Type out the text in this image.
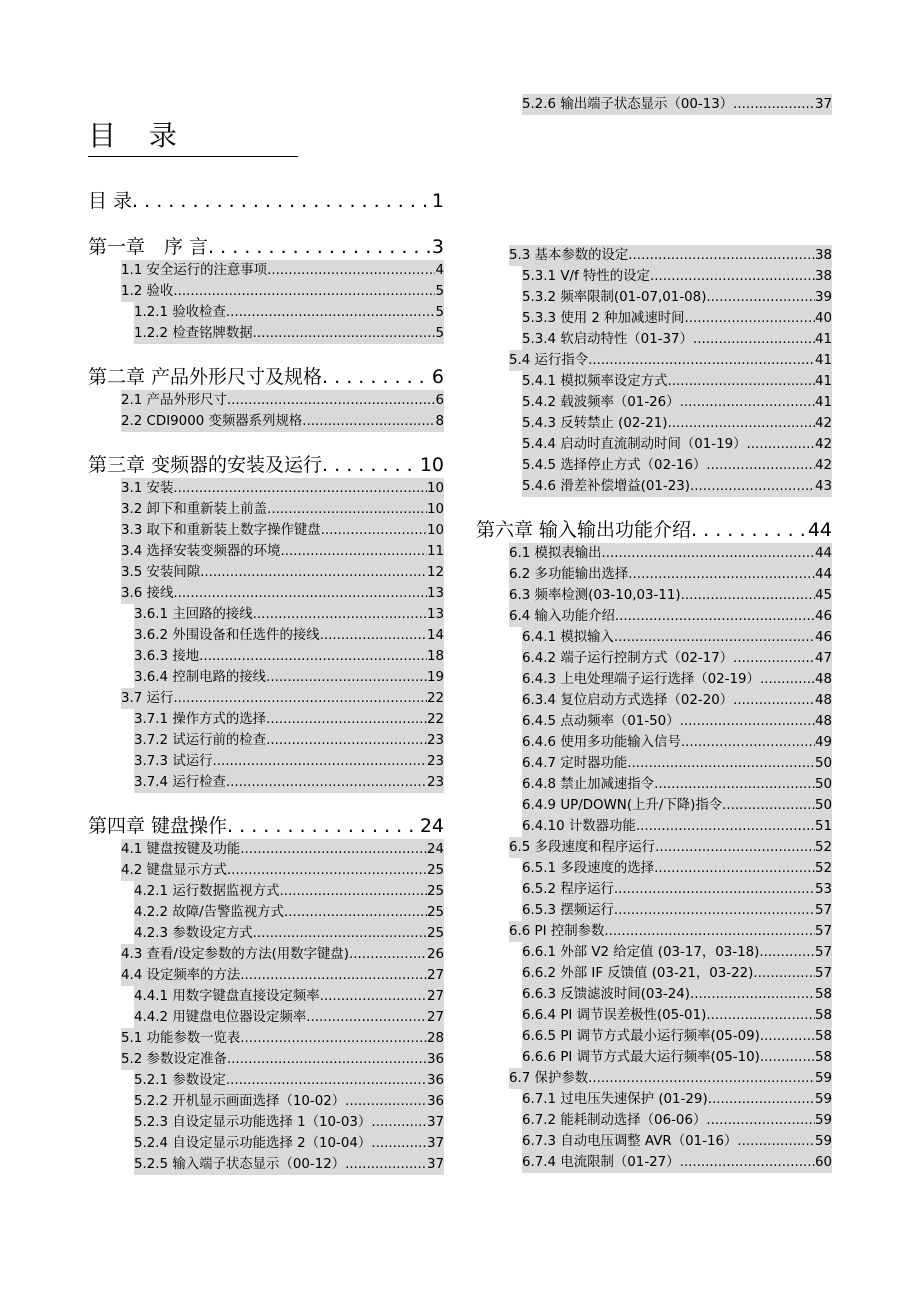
目 录
目 录 . .	1
第一章　序 言 . .	3
1.1 安全运行的注意事项 .....	4
1.2 验收 .....	5
1.2.1 验收检查 .....	5
1.2.2 检查铭牌数据 .....	5
第二章 产品外形尺寸及规格 . .	6
2.1 产品外形尺寸 .....	6
2.2 CDI9000 变频器系列规格 .....	8
第三章 变频器的安装及运行 . .	10
3.1 安装 .....	10
3.2 卸下和重新装上前盖 .....	10
3.3 取下和重新装上数字操作键盘 .....	10
3.4 选择安装变频器的环境 .....	11
3.5 安装间隙 .....	12
3.6 接线 .....	13
3.6.1 主回路的接线 .....	13
3.6.2 外围设备和任选件的接线 .....	14
3.6.3 接地 .....	18
3.6.4 控制电路的接线 .....	19
3.7 运行 .....	22
3.7.1 操作方式的选择 .....	22
3.7.2 试运行前的检查 .....	23
3.7.3 试运行 .....	23
3.7.4 运行检查 .....	23
第四章 键盘操作 . .	24
4.1 键盘按键及功能 .....	24
4.2 键盘显示方式 .....	25
4.2.1 运行数据监视方式 .....	25
4.2.2 故障/告警监视方式 .....	25
4.2.3 参数设定方式 .....	25
4.3 查看/设定参数的方法(用数字键盘) .....	26
4.4 设定频率的方法 .....	27
4.4.1 用数字键盘直接设定频率 .....	27
4.4.2 用键盘电位器设定频率 .....	27
5.1 功能参数一览表 .....	28
5.2 参数设定准备 .....	36
5.2.1 参数设定 .....	36
5.2.2 开机显示画面选择（10-02） .....	36
5.2.3 自设定显示功能选择 1（10-03） .....	37
5.2.4 自设定显示功能选择 2（10-04） .....	37
5.2.5 输入端子状态显示（00-12） .....	37
5.2.6 输出端子状态显示（00-13） .....	37
5.3 基本参数的设定 .....	38
5.3.1 V/f 特性的设定 .....	38
5.3.2 频率限制(01-07,01-08) .....	39
5.3.3 使用 2 种加减速时间 .....	40
5.3.4 软启动特性（01-37） .....	41
5.4 运行指令 .....	41
5.4.1 模拟频率设定方式 .....	41
5.4.2 载波频率（01-26） .....	41
5.4.3 反转禁止 (02-21) .....	42
5.4.4 启动时直流制动时间（01-19） .....	42
5.4.5 选择停止方式（02-16） .....	42
5.4.6 滑差补偿增益(01-23) .....	43
第六章 输入输出功能介绍 . .	44
6.1 模拟表输出 .....	44
6.2 多功能输出选择 .....	44
6.3 频率检测(03-10,03-11) .....	45
6.4 输入功能介绍 .....	46
6.4.1 模拟输入 .....	46
6.4.2 端子运行控制方式（02-17） .....	47
6.4.3 上电处理端子运行选择（02-19） .....	48
6.3.4 复位启动方式选择（02-20） .....	48
6.4.5 点动频率（01-50） .....	48
6.4.6 使用多功能输入信号 .....	49
6.4.7 定时器功能 .....	50
6.4.8 禁止加减速指令 .....	50
6.4.9 UP/DOWN(上升/下降)指令 .....	50
6.4.10 计数器功能 .....	51
6.5 多段速度和程序运行 .....	52
6.5.1 多段速度的选择 .....	52
6.5.2 程序运行 .....	53
6.5.3 摆频运行 .....	57
6.6 PI 控制参数 .....	57
6.6.1 外部 V2 给定值 (03-17，03-18) .....	57
6.6.2 外部 IF 反馈值 (03-21，03-22) .....	57
6.6.3 反馈滤波时间(03-24) .....	58
6.6.4 PI 调节误差极性(05-01) .....	58
6.6.5 PI 调节方式最小运行频率(05-09) .....	58
6.6.6 PI 调节方式最大运行频率(05-10) .....	58
6.7 保护参数 .....	59
6.7.1 过电压失速保护 (01-29) .....	59
6.7.2 能耗制动选择（06-06） .....	59
6.7.3 自动电压调整 AVR（01-16） .....	59
6.7.4 电流限制（01-27） .....	60
